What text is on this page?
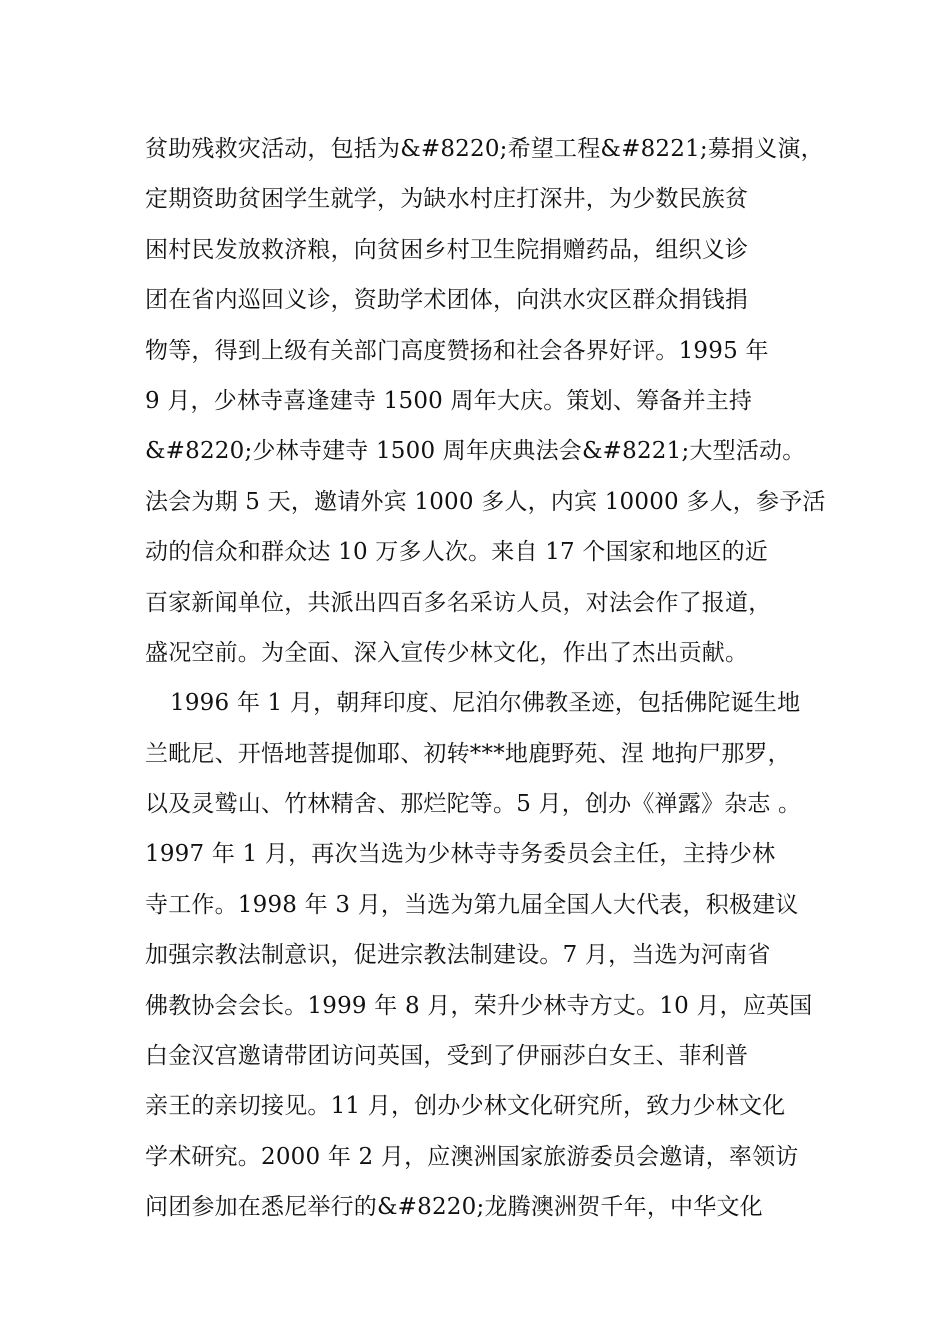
贫助残救灾活动，包括为&#8220;希望工程&#8221;募捐义演，
定期资助贫困学生就学，为缺水村庄打深井，为少数民族贫
困村民发放救济粮，向贫困乡村卫生院捐赠药品，组织义诊
团在省内巡回义诊，资助学术团体，向洪水灾区群众捐钱捐
物等，得到上级有关部门高度赞扬和社会各界好评。1995 年
9 月，少林寺喜逢建寺 1500 周年大庆。策划、筹备并主持
&#8220;少林寺建寺 1500 周年庆典法会&#8221;大型活动。
法会为期 5 天，邀请外宾 1000 多人，内宾 10000 多人，参予活
动的信众和群众达 10 万多人次。来自 17 个国家和地区的近
百家新闻单位，共派出四百多名采访人员，对法会作了报道，
盛况空前。为全面、深入宣传少林文化，作出了杰出贡献。
1996 年 1 月，朝拜印度、尼泊尔佛教圣迹，包括佛陀诞生地
兰毗尼、开悟地菩提伽耶、初转***地鹿野苑、涅 地拘尸那罗，
以及灵鹫山、竹林精舍、那烂陀等。5 月，创办《禅露》杂志 。
1997 年 1 月，再次当选为少林寺寺务委员会主任，主持少林
寺工作。1998 年 3 月，当选为第九届全国人大代表，积极建议
加强宗教法制意识，促进宗教法制建设。7 月，当选为河南省
佛教协会会长。1999 年 8 月，荣升少林寺方丈。10 月，应英国
白金汉宫邀请带团访问英国，受到了伊丽莎白女王、菲利普
亲王的亲切接见。11 月，创办少林文化研究所，致力少林文化
学术研究。2000 年 2 月，应澳洲国家旅游委员会邀请，率领访
问团参加在悉尼举行的&#8220;龙腾澳洲贺千年，中华文化
